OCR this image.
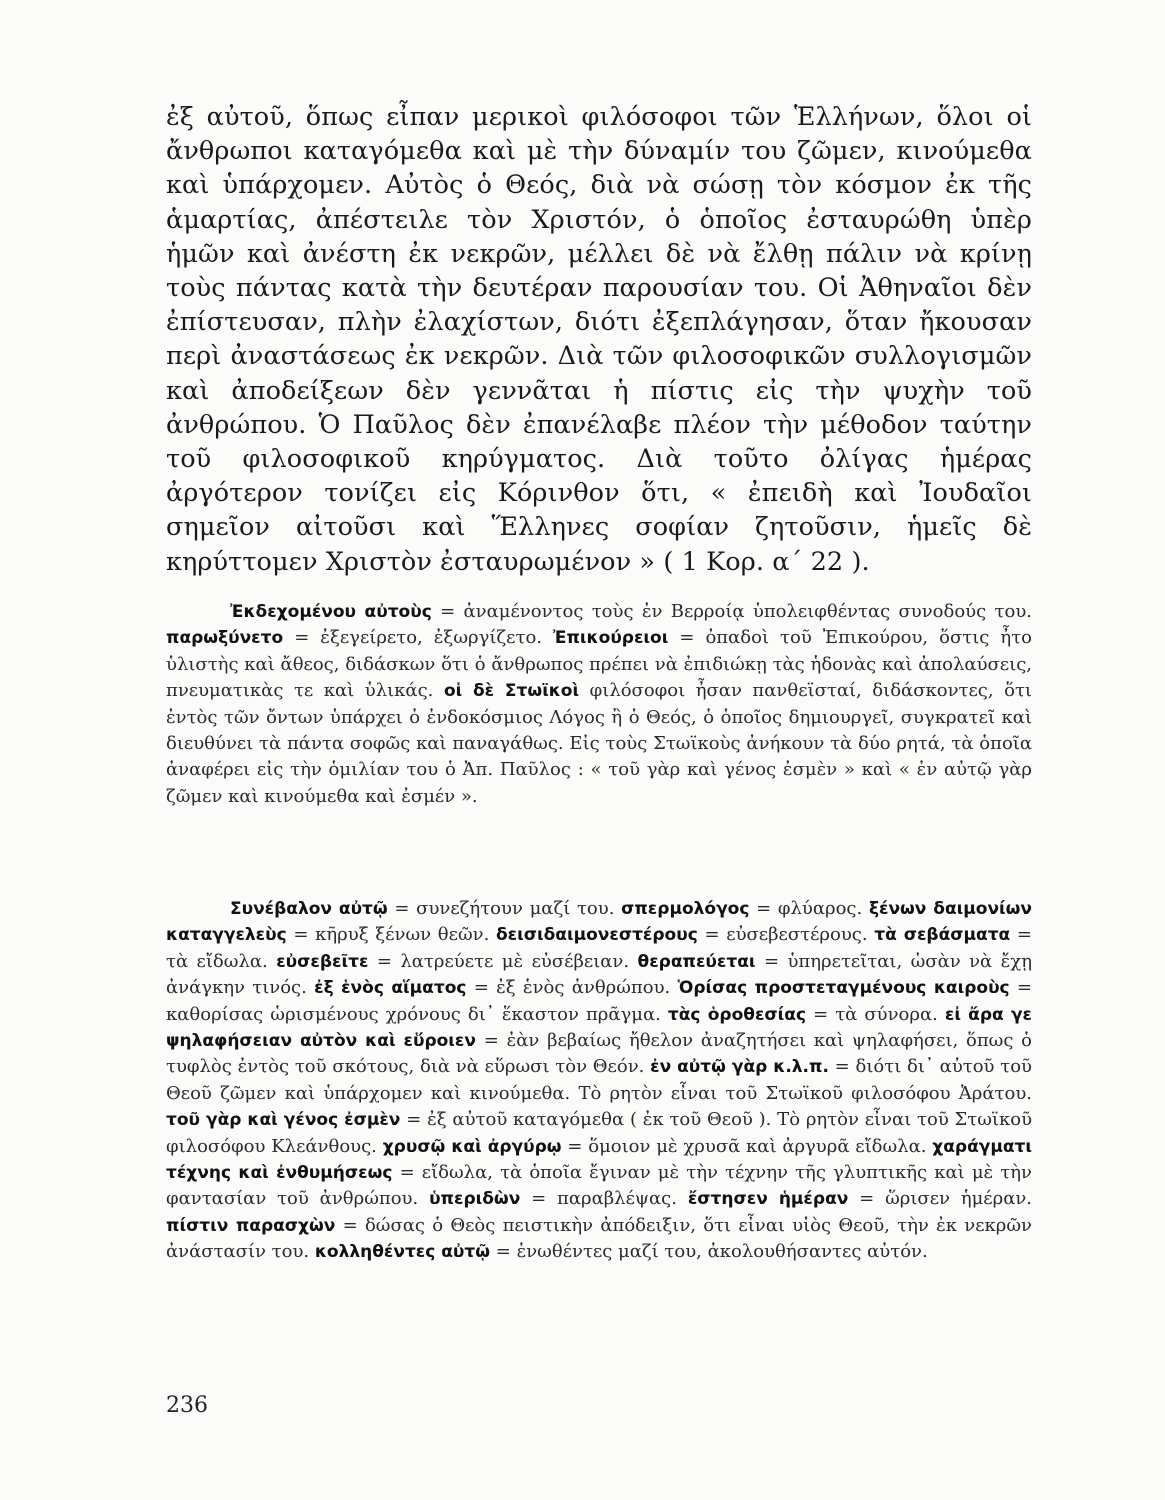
ἐξ αὐτοῦ, ὅπως εἶπαν μερικοὶ φιλόσοφοι τῶν Ἑλλήνων, ὅλοι οἱ ἄνθρωποι καταγόμεθα καὶ μὲ τὴν δύναμίν του ζῶμεν, κινούμεθα καὶ ὑπάρχομεν. Αὐτὸς ὁ Θεός, διὰ νὰ σώσῃ τὸν κόσμον ἐκ τῆς ἁμαρτίας, ἀπέστειλε τὸν Χριστόν, ὁ ὁποῖος ἐσταυρώθη ὑπὲρ ἡμῶν καὶ ἀνέστη ἐκ νεκρῶν, μέλλει δὲ νὰ ἔλθῃ πάλιν νὰ κρίνῃ τοὺς πάντας κατὰ τὴν δευτέραν παρουσίαν του. Οἱ Ἀθηναῖοι δὲν ἐπίστευσαν, πλὴν ἐλαχίστων, διότι ἐξεπλάγησαν, ὅταν ἤκουσαν περὶ ἀναστάσεως ἐκ νεκρῶν. Διὰ τῶν φιλοσοφικῶν συλλογισμῶν καὶ ἀποδείξεων δὲν γεννᾶται ἡ πίστις εἰς τὴν ψυχὴν τοῦ ἀνθρώπου. Ὁ Παῦλος δὲν ἐπανέλαβε πλέον τὴν μέθοδον ταύτην τοῦ φιλοσοφικοῦ κηρύγματος. Διὰ τοῦτο ὀλίγας ἡμέρας ἀργότερον τονίζει εἰς Κόρινθον ὅτι, « ἐπειδὴ καὶ Ἰουδαῖοι σημεῖον αἰτοῦσι καὶ Ἕλληνες σοφίαν ζητοῦσιν, ἡμεῖς δὲ κηρύττομεν Χριστὸν ἐσταυρωμένον » ( 1 Κορ. α΄ 22 ).

Ἐκδεχομένου αὐτοὺς = ἀναμένοντος τοὺς ἐν Βερροίᾳ ὑπολειφθέντας συνοδούς του. παρωξύνετο = ἐξεγείρετο, ἐξωργίζετο. Ἐπικούρειοι = ὀπαδοὶ τοῦ Ἐπικούρου, ὅστις ἦτο ὑλιστὴς καὶ ἄθεος, διδάσκων ὅτι ὁ ἄνθρωπος πρέπει νὰ ἐπιδιώκῃ τὰς ἡδονὰς καὶ ἀπολαύσεις, πνευματικὰς τε καὶ ὑλικάς. οἱ δὲ Στωϊκοὶ φιλόσοφοι ἦσαν πανθεϊσταί, διδάσκοντες, ὅτι ἐντὸς τῶν ὄντων ὑπάρχει ὁ ἐνδοκόσμιος Λόγος ἢ ὁ Θεός, ὁ ὁποῖος δημιουργεῖ, συγκρατεῖ καὶ διευθύνει τὰ πάντα σοφῶς καὶ παναγάθως. Εἰς τοὺς Στωϊκοὺς ἀνήκουν τὰ δύο ρητά, τὰ ὁποῖα ἀναφέρει εἰς τὴν ὁμιλίαν του ὁ Ἀπ. Παῦλος : « τοῦ γὰρ καὶ γένος ἐσμὲν » καὶ « ἐν αὐτῷ γὰρ ζῶμεν καὶ κινούμεθα καὶ ἐσμέν ».

Συνέβαλον αὐτῷ = συνεζήτουν μαζί του. σπερμολόγος = φλύαρος. ξένων δαιμονίων καταγγελεὺς = κῆρυξ ξένων θεῶν. δεισιδαιμονεστέρους = εὐσεβεστέρους. τὰ σεβάσματα = τὰ εἴδωλα. εὐσεβεῖτε = λατρεύετε μὲ εὐσέβειαν. θεραπεύεται = ὑπηρετεῖται, ὡσὰν νὰ ἔχῃ ἀνάγκην τινός. ἐξ ἑνὸς αἵματος = ἐξ ἑνὸς ἀνθρώπου. Ὁρίσας προστεταγμένους καιροὺς = καθορίσας ὡρισμένους χρόνους δι᾽ ἕκαστον πρᾶγμα. τὰς ὁροθεσίας = τὰ σύνορα. εἰ ἄρα γε ψηλαφήσειαν αὐτὸν καὶ εὕροιεν = ἐὰν βεβαίως ἤθελον ἀναζητήσει καὶ ψηλαφήσει, ὅπως ὁ τυφλὸς ἐντὸς τοῦ σκότους, διὰ νὰ εὕρωσι τὸν Θεόν. ἐν αὐτῷ γὰρ κ.λ.π. = διότι δι᾽ αὐτοῦ τοῦ Θεοῦ ζῶμεν καὶ ὑπάρχομεν καὶ κινούμεθα. Τὸ ρητὸν εἶναι τοῦ Στωϊκοῦ φιλοσόφου Ἀράτου. τοῦ γὰρ καὶ γένος ἐσμὲν = ἐξ αὐτοῦ καταγόμεθα ( ἐκ τοῦ Θεοῦ ). Τὸ ρητὸν εἶναι τοῦ Στωϊκοῦ φιλοσόφου Κλεάνθους. χρυσῷ καὶ ἀργύρῳ = ὅμοιον μὲ χρυσᾶ καὶ ἀργυρᾶ εἴδωλα. χαράγματι τέχνης καὶ ἐνθυμήσεως = εἴδωλα, τὰ ὁποῖα ἔγιναν μὲ τὴν τέχνην τῆς γλυπτικῆς καὶ μὲ τὴν φαντασίαν τοῦ ἀνθρώπου. ὑπεριδὼν = παραβλέψας. ἔστησεν ἡμέραν = ὥρισεν ἡμέραν. πίστιν παρασχὼν = δώσας ὁ Θεὸς πειστικὴν ἀπόδειξιν, ὅτι εἶναι υἱὸς Θεοῦ, τὴν ἐκ νεκρῶν ἀνάστασίν του. κολληθέντες αὐτῷ = ἑνωθέντες μαζί του, ἀκολουθήσαντες αὐτόν.

236
